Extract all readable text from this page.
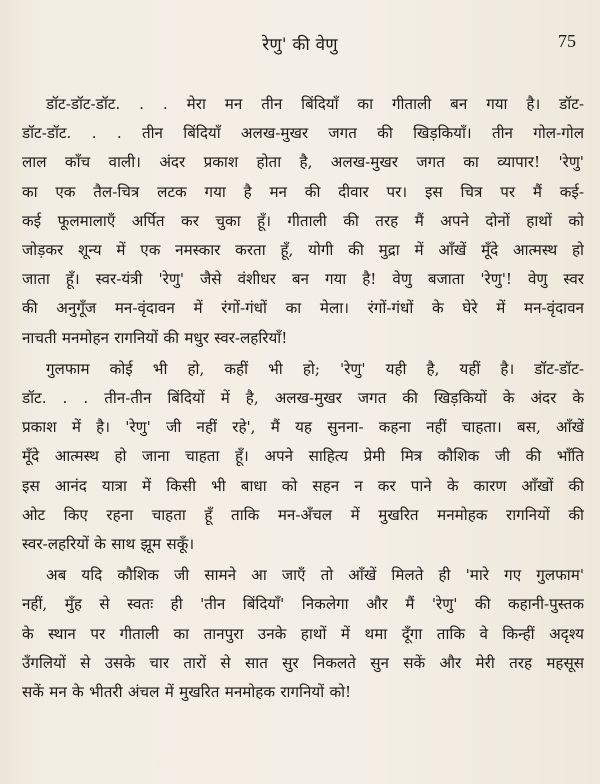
रेणु' की वेणु	75

डॉट-डॉट-डॉट. . . मेरा मन तीन बिंदियाँ का गीताली बन गया है। डॉट-
डॉट-डॉट. . . तीन बिंदियाँ अलख-मुखर जगत की खिड़कियाँ। तीन गोल-गोल
लाल काँच वाली। अंदर प्रकाश होता है, अलख-मुखर जगत का व्यापार! 'रेणु'
का एक तैल-चित्र लटक गया है मन की दीवार पर। इस चित्र पर मैं कई-
कई फूलमालाएँ अर्पित कर चुका हूँ। गीताली की तरह मैं अपने दोनों हाथों को
जोड़कर शून्य में एक नमस्कार करता हूँ, योगी की मुद्रा में आँखें मूँदे आत्मस्थ हो
जाता हूँ। स्वर-यंत्री 'रेणु' जैसे वंशीधर बन गया है! वेणु बजाता 'रेणु'! वेणु स्वर
की अनुगूँज मन-वृंदावन में रंगों-गंधों का मेला। रंगों-गंधों के घेरे में मन-वृंदावन
नाचती मनमोहन रागनियों की मधुर स्वर-लहरियाँ!

गुलफाम कोई भी हो, कहीं भी हो; 'रेणु' यही है, यहीं है। डॉट-डॉट-
डॉट. . . तीन-तीन बिंदियों में है, अलख-मुखर जगत की खिड़कियों के अंदर के
प्रकाश में है। 'रेणु' जी नहीं रहे', मैं यह सुनना- कहना नहीं चाहता। बस, आँखें
मूँदे आत्मस्थ हो जाना चाहता हूँ। अपने साहित्य प्रेमी मित्र कौशिक जी की भाँति
इस आनंद यात्रा में किसी भी बाधा को सहन न कर पाने के कारण आँखों की
ओट किए रहना चाहता हूँ ताकि मन-अँचल में मुखरित मनमोहक रागनियों की
स्वर-लहरियों के साथ झूम सकूँ।

अब यदि कौशिक जी सामने आ जाएँ तो आँखें मिलते ही 'मारे गए गुलफाम'
नहीं, मुँह से स्वतः ही 'तीन बिंदियाँ' निकलेगा और मैं 'रेणु' की कहानी-पुस्तक
के स्थान पर गीताली का तानपुरा उनके हाथों में थमा दूँगा ताकि वे किन्हीं अदृश्य
उँगलियों से उसके चार तारों से सात सुर निकलते सुन सकें और मेरी तरह महसूस
सकें मन के भीतरी अंचल में मुखरित मनमोहक रागनियों को!
